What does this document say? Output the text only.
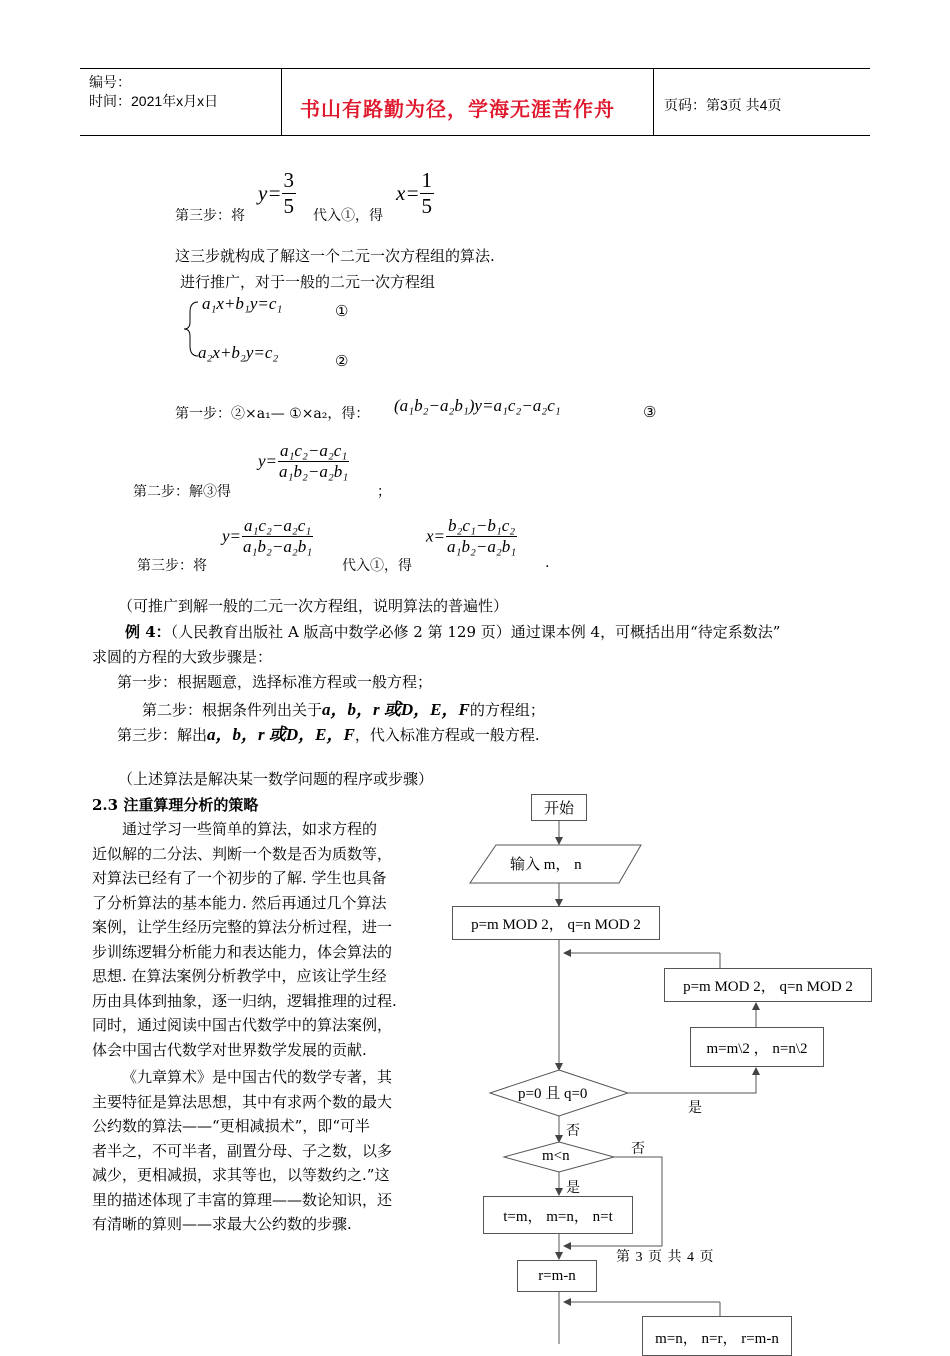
编号：
时间：2021年x月x日	书山有路勤为径，学海无涯苦作舟	页码：第3页 共4页
第三步：将
$y= \frac{3}{5}$ 代入①，得
$x= \frac{1}{5}$
这三步就构成了解这一个二元一次方程组的算法.
进行推广，对于一般的二元一次方程组
a₁x+b₁y=c₁	①
a₂x+b₂y=c₂	②
第一步：②×a₁— ①×a₂，得： (a₁b₂−a₂b₁)y=a₁c₂−a₂c₁	③
第二步：解③得
$y= \frac{\text{a₁c₂−a₂c₁}}{\text{a₁b₂−a₂b₁}}$
；
第三步：将
$y= \frac{\text{a₁c₂−a₂c₁}}{\text{a₁b₂−a₂b₁}}$
代入①，得
$x= \frac{\text{b₂c₁−b₁c₂}}{\text{a₁b₂−a₂b₁}}$
.
（可推广到解一般的二元一次方程组，说明算法的普遍性）
例 4：（人民教育出版社 A 版高中数学必修 2 第 129 页）通过课本例 4，可概括出用“待定系数法”
求圆的方程的大致步骤是：
第一步：根据题意，选择标准方程或一般方程；
第二步：根据条件列出关于a，b，r 或D，E，F的方程组；
第三步：解出a，b，r 或D，E，F，代入标准方程或一般方程.
（上述算法是解决某一数学问题的程序或步骤）
2.3 注重算理分析的策略
通过学习一些简单的算法，如求方程的
近似解的二分法、判断一个数是否为质数等，
对算法已经有了一个初步的了解. 学生也具备
了分析算法的基本能力. 然后再通过几个算法
案例，让学生经历完整的算法分析过程，进一
步训练逻辑分析能力和表达能力，体会算法的
思想. 在算法案例分析教学中，应该让学生经
历由具体到抽象，逐一归纳，逻辑推理的过程.
同时，通过阅读中国古代数学中的算法案例，
体会中国古代数学对世界数学发展的贡献.
《九章算术》是中国古代的数学专著，其
主要特征是算法思想，其中有求两个数的最大
公约数的算法——“更相减损术”，即“可半
者半之，不可半者，副置分母、子之数，以多
减少，更相减损，求其等也，以等数约之.”这
里的描述体现了丰富的算理——数论知识，还
有清晰的算则——求最大公约数的步骤.
开始
输入 m， n
p=m MOD 2， q=n MOD 2
p=m MOD 2， q=n MOD 2
m=m\2 ， n=n\2
p=0 且 q=0
是
否
m<n
是
否
t=m， m=n， n=t
r=m-n
m=n， n=r， r=m-n
第 3 页 共 4 页
